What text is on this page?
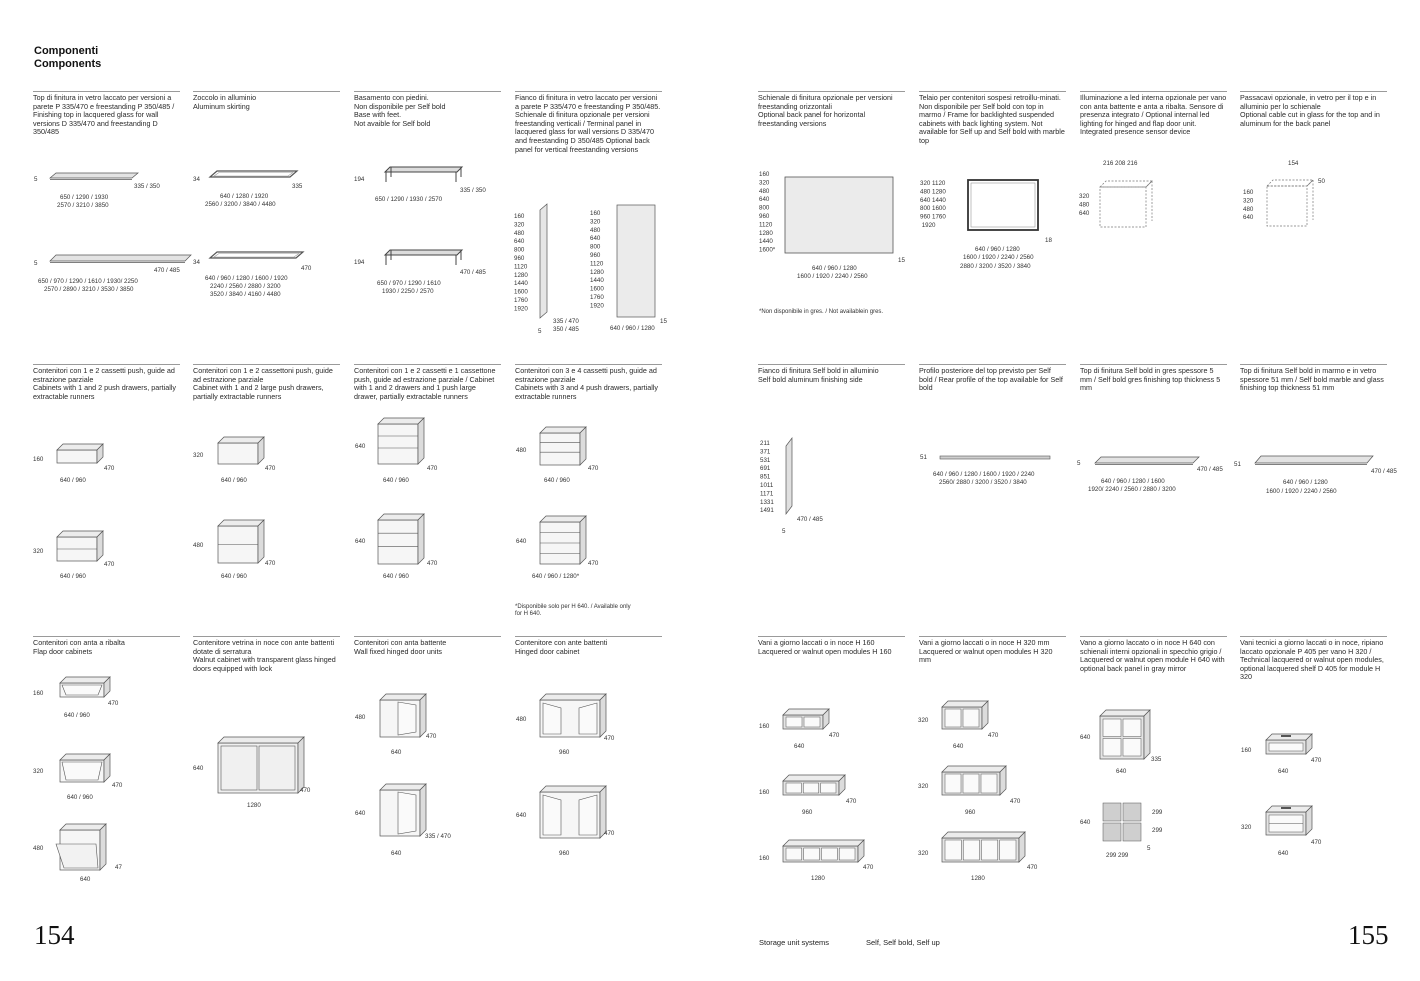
Componenti
Components
Top di finitura in vetro laccato per versioni a parete P 335/470 e freestanding P 350/485 / Finishing top in lacquered glass for wall versions D 335/470 and freestanding D 350/485
Zoccolo in alluminio
Aluminum skirting
Basamento con piedini.
Non disponibile per Self bold
Base with feet.
Not avaible for Self bold
Fianco di finitura in vetro laccato per versioni a parete P 335/470 e freestanding P 350/485. Schienale di finitura opzionale per versioni freestanding verticali / Terminal panel in lacquered glass for wall versions D 335/470 and freestanding D 350/485 Optional back panel for vertical freestanding versions
Schienale di finitura opzionale per versioni freestanding orizzontali
Optional back panel for horizontal freestanding versions
Telaio per contenitori sospesi retroillu-minati. Non disponibile per Self bold con top in marmo / Frame for backlighted suspended cabinets with back lighting system. Not available for Self up and Self bold with marble top
Illuminazione a led interna opzionale per vano con anta battente e anta a ribalta. Sensore di presenza integrato / Optional internal led lighting for hinged and flap door unit. Integrated presence sensor device
Passacavi opzionale, in vetro per il top e in alluminio per lo schienale
Optional cable cut in glass for the top and in aluminum for the back panel
Contenitori con 1 e 2 cassetti push, guide ad estrazione parziale
Cabinets with 1 and 2 push drawers, partially extractable runners
Contenitori con 1 e 2 cassettoni push, guide ad estrazione parziale
Cabinet with 1 and 2 large push drawers, partially extractable runners
Contenitori con 1 e 2 cassetti e 1 cassettone push, guide ad estrazione parziale / Cabinet with 1 and 2 drawers and 1 push large drawer, partially extractable runners
Contenitori con 3 e 4 cassetti push, guide ad estrazione parziale
Cabinets with 3 and 4 push drawers, partially extractable runners
Fianco di finitura Self bold in alluminio
Self bold aluminum finishing side
Profilo posteriore del top previsto per Self bold / Rear profile of the top available for Self bold
Top di finitura Self bold in gres spessore 5 mm / Self bold gres finishing top thickness 5 mm
Top di finitura Self bold in marmo e in vetro spessore 51 mm / Self bold marble and glass finishing top thickness 51 mm
Contenitori con anta a ribalta
Flap door cabinets
Contenitore vetrina in noce con ante battenti dotate di serratura
Walnut cabinet with transparent glass hinged doors equipped with lock
Contenitori con anta battente
Wall fixed hinged door units
Contenitore con ante battenti
Hinged door cabinet
Vani a giorno laccati o in noce H 160
Lacquered or walnut open modules H 160
Vani a giorno laccati o in noce H 320 mm
Lacquered or walnut open modules H 320 mm
Vano a giorno laccato o in noce H 640 con schienali interni opzionali in specchio grigio / Lacquered or walnut open module H 640 with optional back panel in gray mirror
Vani tecnici a giorno laccati o in noce, ripiano laccato opzionale P 405 per vano H 320 / Technical lacquered or walnut open modules, optional lacquered shelf D 405 for module H 320
*Non disponibile in gres. / Not availablein gres.
*Disponibile solo per H 640. / Available only
for H 640.
5
335 / 350
650 / 1290 / 1930
2570 / 3210 / 3850
5
470 / 485
650 / 970 / 1290 / 1610 / 1930/ 2250
2570 / 2890 / 3210 / 3530 / 3850
34
335
640 / 1280 / 1920
2560 / 3200 / 3840 / 4480
34
470
640 / 960 / 1280 / 1600 / 1920
2240 / 2560 / 2880 / 3200
3520 / 3840 / 4160 / 4480
194
335 / 350
650 / 1290 / 1930 / 2570
194
470 / 485
650 / 970 / 1290 / 1610
1930 / 2250 / 2570
160 320 480 640 800 960 1120 1280 1440 1600 1760 1920
5
335 / 470
350 / 485
160 320 480 640 800 960 1120 1280 1440 1600 1760 1920
15
640 / 960 / 1280
160 320 480 640 800 960 1120 1280 1440 1600*
15
640 / 960 / 1280
1600 / 1920 / 2240 / 2560
320 1120 480 1280 640 1440 800 1600 960 1760 1920
18
640 / 960 / 1280
1600 / 1920 / 2240 / 2560
2880 / 3200 / 3520 / 3840
216 208 216
320 480 640
154
50
160 320 480 640
160
470
640 / 960
320
470
640 / 960
320
470
640 / 960
480
470
640 / 960
640
470
640 / 960
640
470
640 / 960
480
470
640 / 960
640
470
640 / 960 / 1280*
211 371 531 691 851 1011 1171 1331 1491
470 / 485
5
51
640 / 960 / 1280 / 1600 / 1920 / 2240
2560/ 2880 / 3200 / 3520 / 3840
5
470 / 485
640 / 960 / 1280 / 1600
1920/ 2240 / 2560 / 2880 / 3200
51
470 / 485
640 / 960 / 1280
1600 / 1920 / 2240 / 2560
160
470
640 / 960
320
470
640 / 960
480
47
640
640
470
1280
480
470
640
640
335 / 470
640
480
470
960
640
470
960
160
470
640
160
470
960
160
470
1280
320
470
640
320
470
960
320
470
1280
640
335
640
640
299
299
5
299 299
160
470
640
320
470
640
154	155
Storage unit systems	Self, Self bold, Self up
